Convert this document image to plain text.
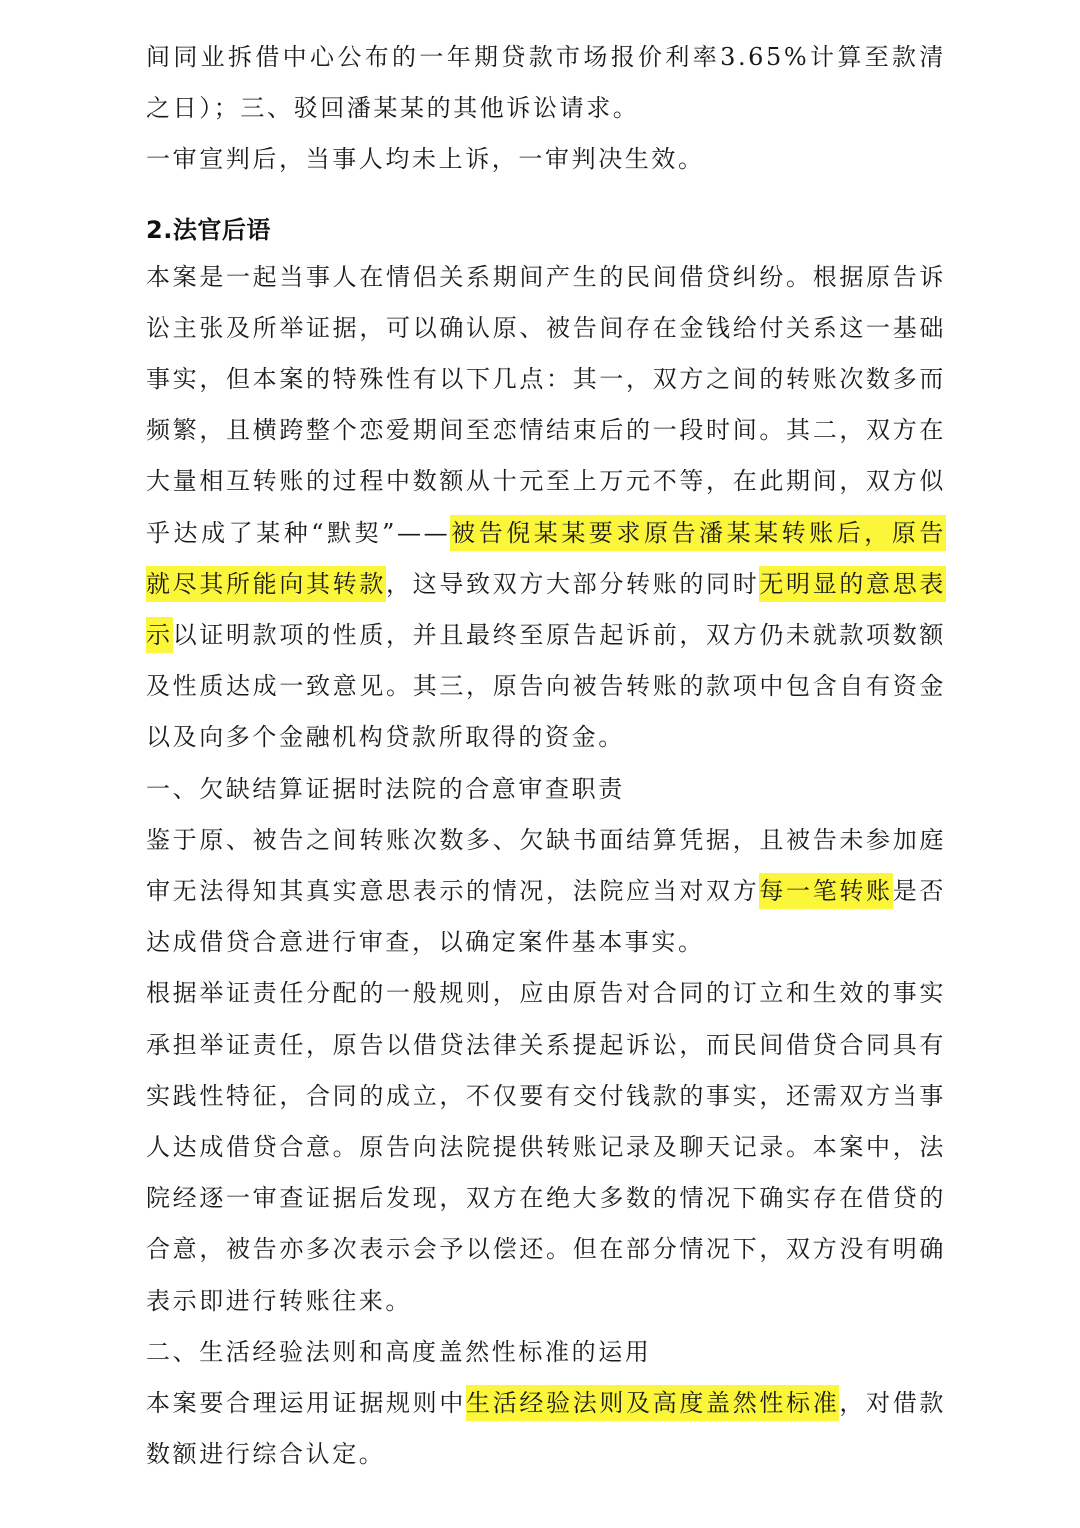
间同业拆借中心公布的一年期贷款市场报价利率3.65%计算至款清之日）；三、驳回潘某某的其他诉讼请求。

一审宣判后，当事人均未上诉，一审判决生效。

2.法官后语

本案是一起当事人在情侣关系期间产生的民间借贷纠纷。根据原告诉讼主张及所举证据，可以确认原、被告间存在金钱给付关系这一基础事实，但本案的特殊性有以下几点：其一，双方之间的转账次数多而频繁，且横跨整个恋爱期间至恋情结束后的一段时间。其二，双方在大量相互转账的过程中数额从十元至上万元不等，在此期间，双方似乎达成了某种“默契”——被告倪某某要求原告潘某某转账后，原告就尽其所能向其转款，这导致双方大部分转账的同时无明显的意思表示以证明款项的性质，并且最终至原告起诉前，双方仍未就款项数额及性质达成一致意见。其三，原告向被告转账的款项中包含自有资金以及向多个金融机构贷款所取得的资金。

一、欠缺结算证据时法院的合意审查职责

鉴于原、被告之间转账次数多、欠缺书面结算凭据，且被告未参加庭审无法得知其真实意思表示的情况，法院应当对双方每一笔转账是否达成借贷合意进行审查，以确定案件基本事实。

根据举证责任分配的一般规则，应由原告对合同的订立和生效的事实承担举证责任，原告以借贷法律关系提起诉讼，而民间借贷合同具有实践性特征，合同的成立，不仅要有交付钱款的事实，还需双方当事人达成借贷合意。原告向法院提供转账记录及聊天记录。本案中，法院经逐一审查证据后发现，双方在绝大多数的情况下确实存在借贷的合意，被告亦多次表示会予以偿还。但在部分情况下，双方没有明确表示即进行转账往来。

二、生活经验法则和高度盖然性标准的运用

本案要合理运用证据规则中生活经验法则及高度盖然性标准，对借款数额进行综合认定。
